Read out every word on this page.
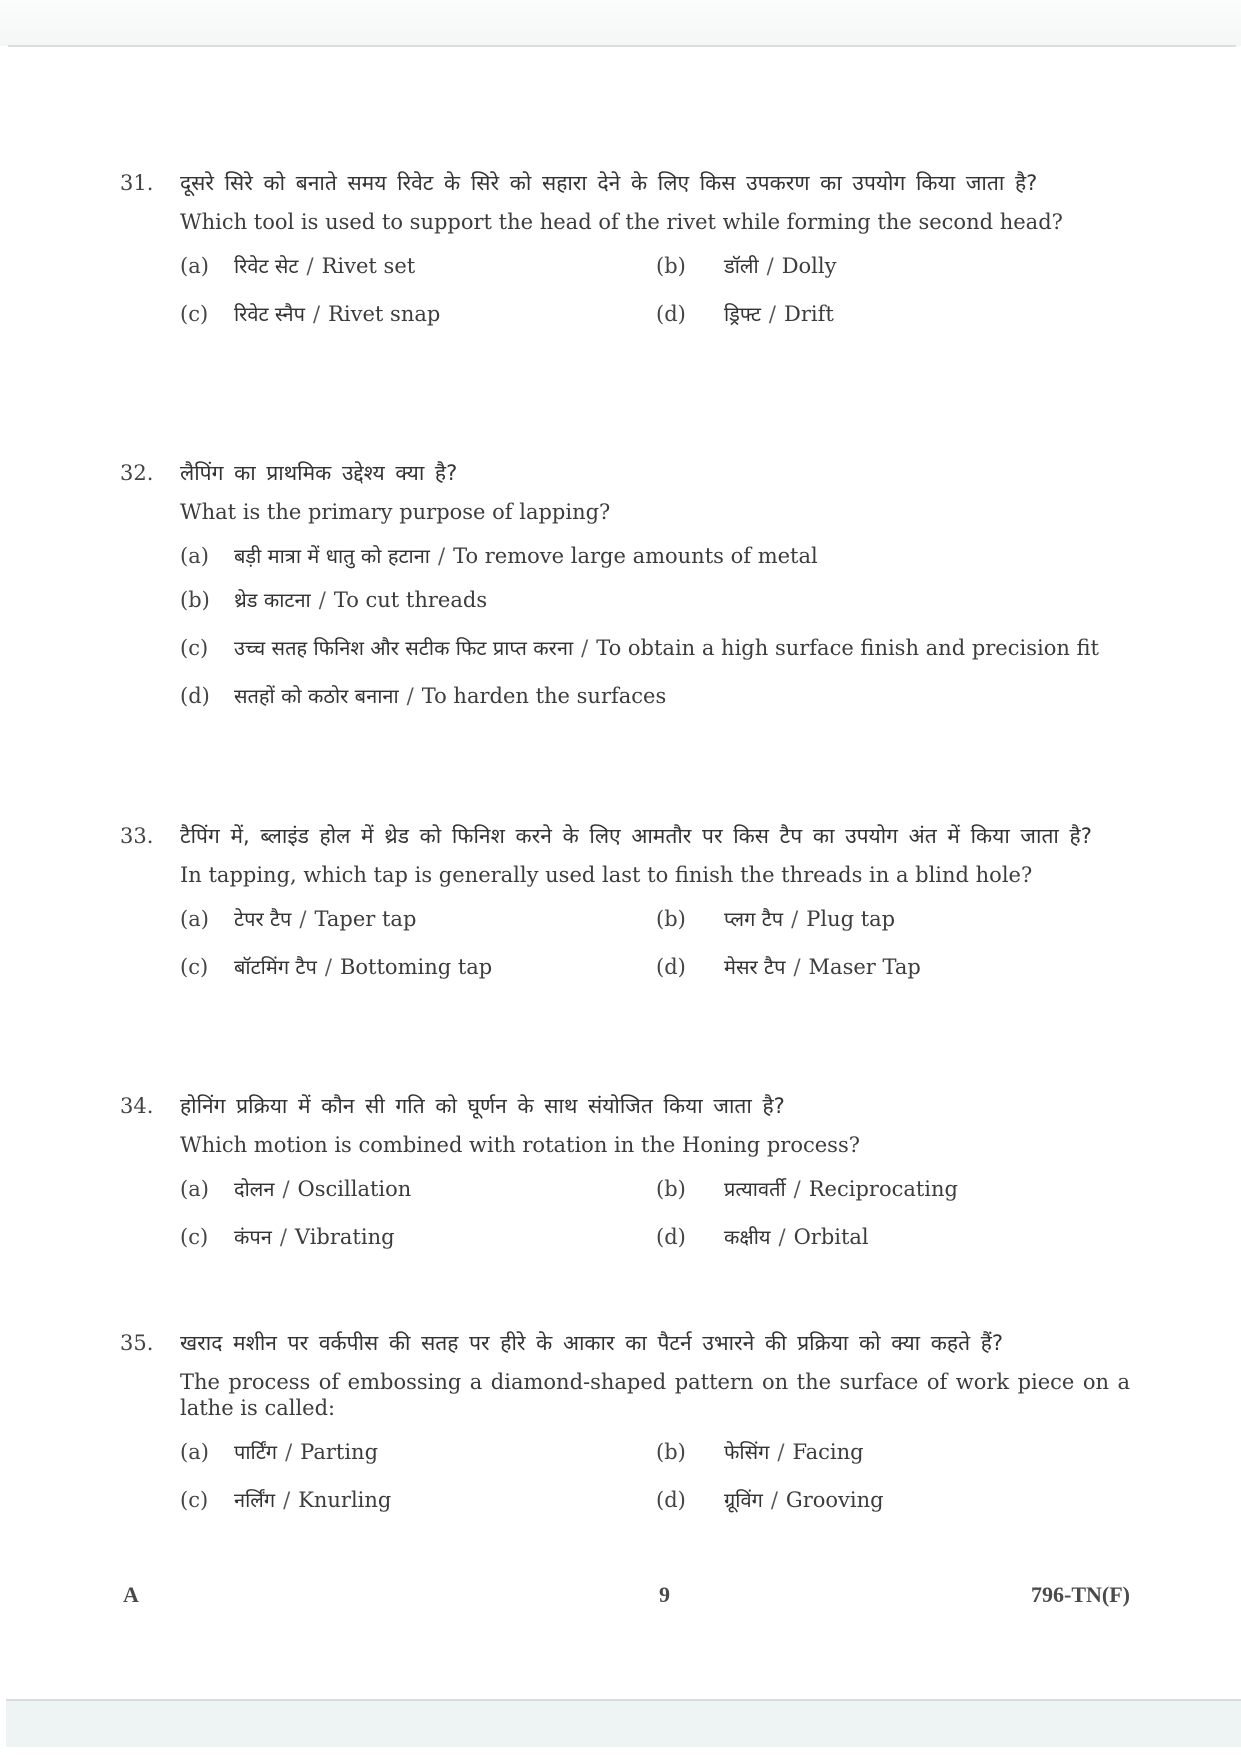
31.	दूसरे सिरे को बनाते समय रिवेट के सिरे को सहारा देने के लिए किस उपकरण का उपयोग किया जाता है?
Which tool is used to support the head of the rivet while forming the second head?
(a)	रिवेट सेट / Rivet set	(b)	डॉली / Dolly
(c)	रिवेट स्नैप / Rivet snap	(d)	ड्रिफ्ट / Drift
32.	लैपिंग का प्राथमिक उद्देश्य क्या है?
What is the primary purpose of lapping?
(a)	बड़ी मात्रा में धातु को हटाना / To remove large amounts of metal
(b)	थ्रेड काटना / To cut threads
(c)	उच्च सतह फिनिश और सटीक फिट प्राप्त करना / To obtain a high surface finish and precision fit
(d)	सतहों को कठोर बनाना / To harden the surfaces
33.	टैपिंग में, ब्लाइंड होल में थ्रेड को फिनिश करने के लिए आमतौर पर किस टैप का उपयोग अंत में किया जाता है?
In tapping, which tap is generally used last to finish the threads in a blind hole?
(a)	टेपर टैप / Taper tap	(b)	प्लग टैप / Plug tap
(c)	बॉटमिंग टैप / Bottoming tap	(d)	मेसर टैप / Maser Tap
34.	होनिंग प्रक्रिया में कौन सी गति को घूर्णन के साथ संयोजित किया जाता है?
Which motion is combined with rotation in the Honing process?
(a)	दोलन / Oscillation	(b)	प्रत्यावर्ती / Reciprocating
(c)	कंपन / Vibrating	(d)	कक्षीय / Orbital
35.	खराद मशीन पर वर्कपीस की सतह पर हीरे के आकार का पैटर्न उभारने की प्रक्रिया को क्या कहते हैं?
The process of embossing a diamond-shaped pattern on the surface of work piece on a lathe is called:
(a)	पार्टिंग / Parting	(b)	फेसिंग / Facing
(c)	नर्लिंग / Knurling	(d)	ग्रूविंग / Grooving
A	9	796-TN(F)
